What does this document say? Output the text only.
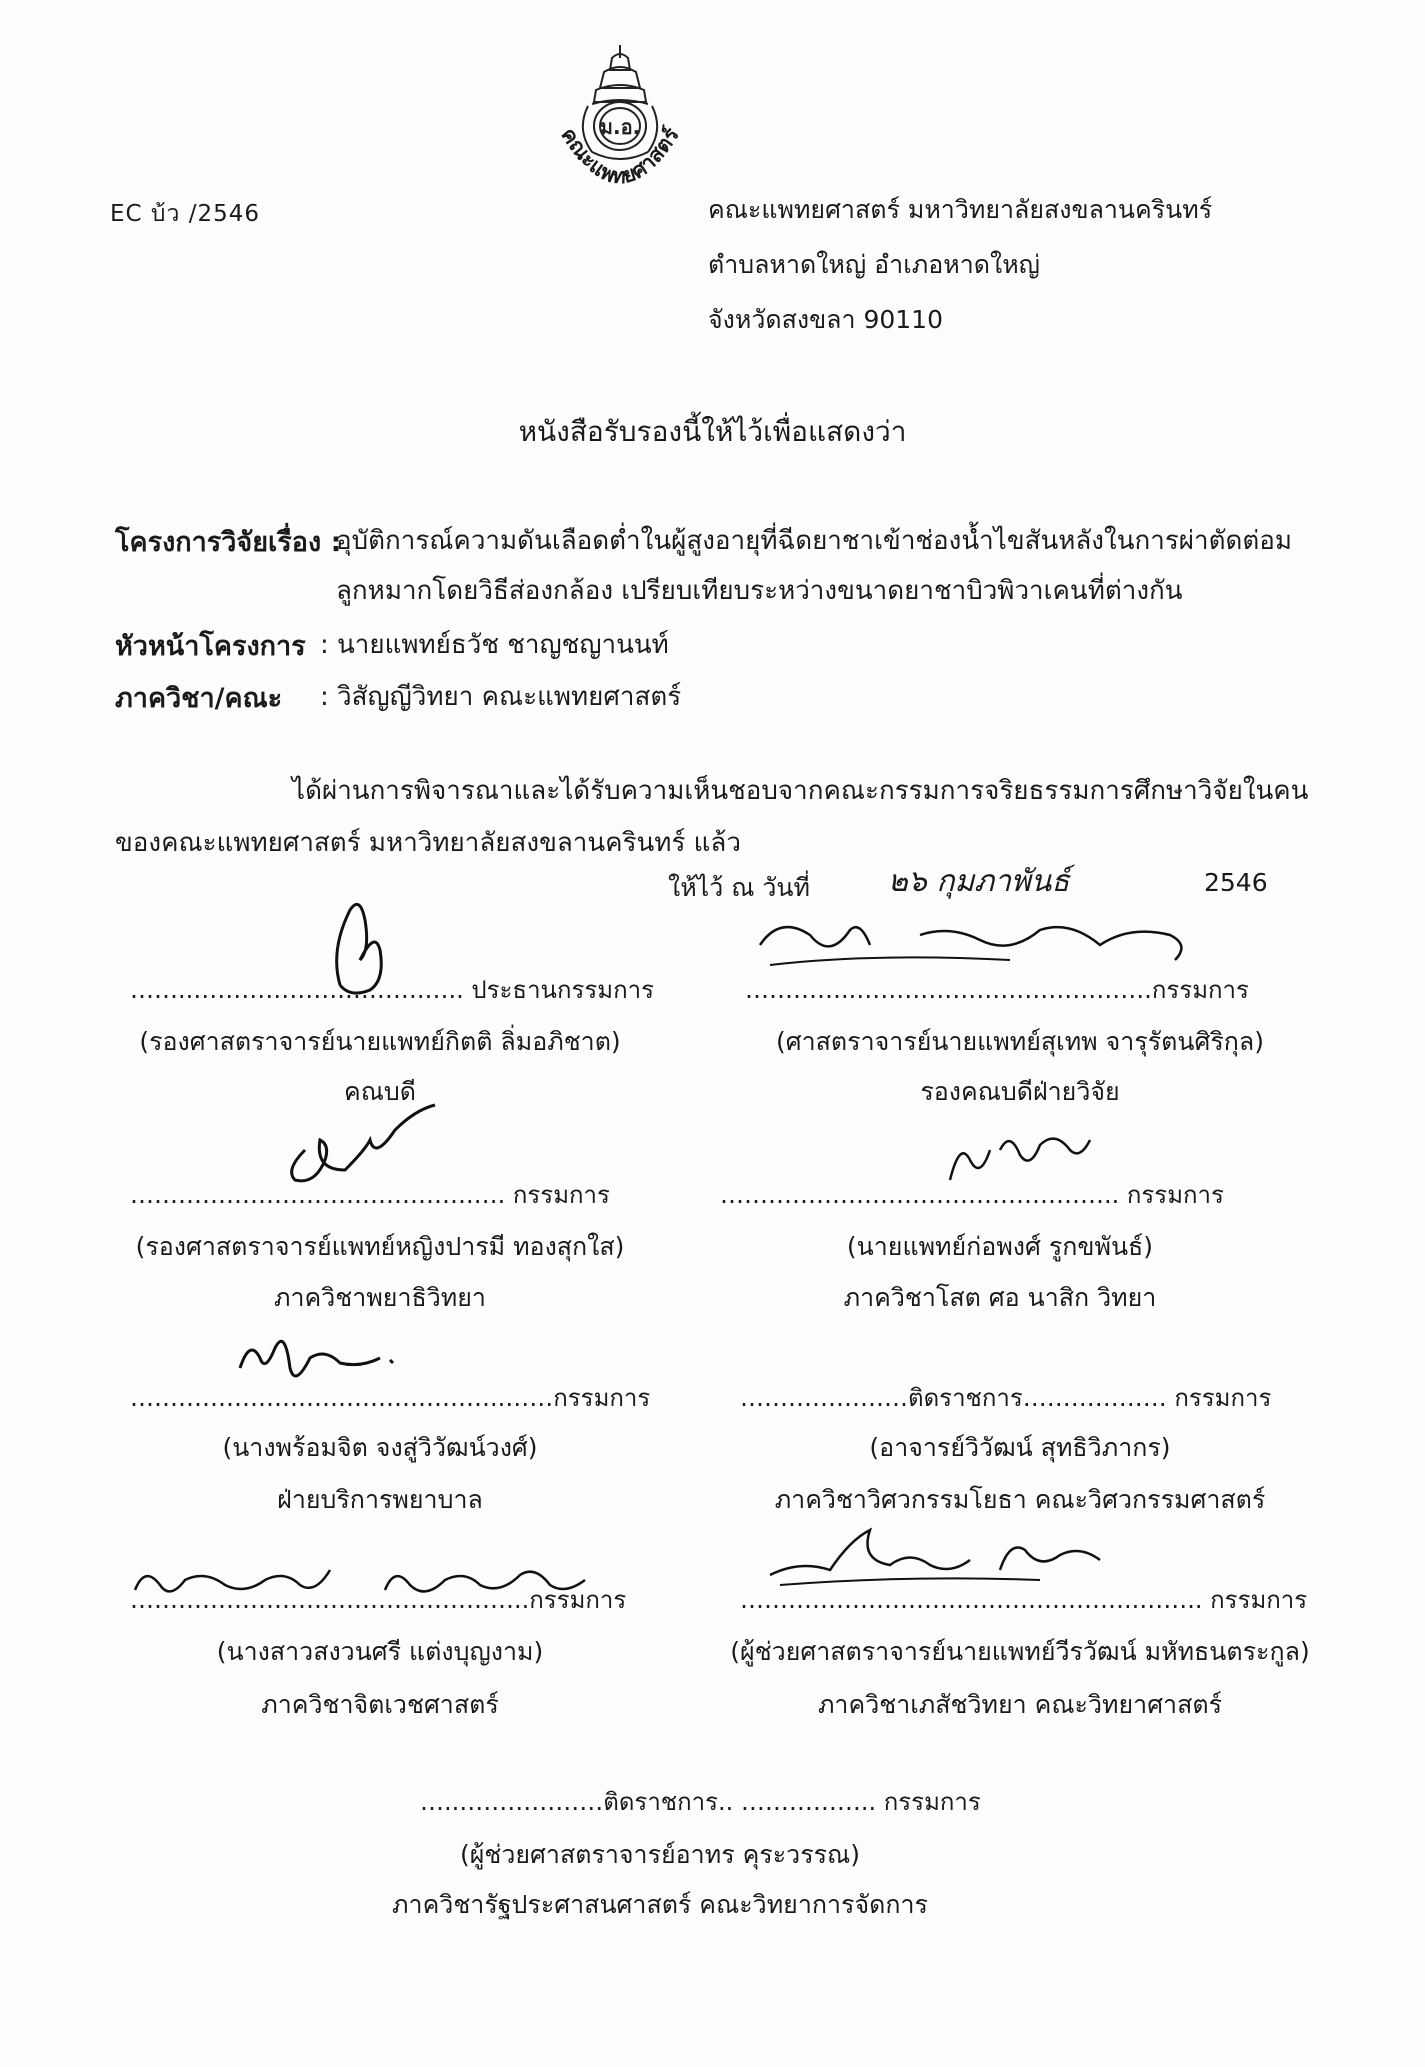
ม.อ.
คณะแพทยศาสตร์
EC บ้ว /2546	คณะแพทยศาสตร์ มหาวิทยาลัยสงขลานครินทร์
ตำบลหาดใหญ่ อำเภอหาดใหญ่
จังหวัดสงขลา 90110
หนังสือรับรองนี้ให้ไว้เพื่อแสดงว่า
โครงการวิจัยเรื่อง :
อุบัติการณ์ความดันเลือดต่ำในผู้สูงอายุที่ฉีดยาชาเข้าช่องน้ำไขสันหลังในการผ่าตัดต่อม
ลูกหมากโดยวิธีส่องกล้อง เปรียบเทียบระหว่างขนาดยาชาบิวพิวาเคนที่ต่างกัน
หัวหน้าโครงการ : นายแพทย์ธวัช ชาญชญานนท์
ภาควิชา/คณะ : วิสัญญีวิทยา คณะแพทยศาสตร์
ได้ผ่านการพิจารณาและได้รับความเห็นชอบจากคณะกรรมการจริยธรรมการศึกษาวิจัยในคน
ของคณะแพทยศาสตร์ มหาวิทยาลัยสงขลานครินทร์ แล้ว
ให้ไว้ ณ วันที่	๒๖ กุมภาพันธ์	2546
……..……………….……….….. ประธานกรรมการ
(รองศาสตราจารย์นายแพทย์กิตติ ลิ่มอภิชาต)
คณบดี
…………..……………………………….กรรมการ
(ศาสตราจารย์นายแพทย์สุเทพ จารุรัตนศิริกุล)
รองคณบดีฝ่ายวิจัย
…………………………………….…. กรรมการ
(รองศาสตราจารย์แพทย์หญิงปารมี ทองสุกใส)
ภาควิชาพยาธิวิทยา
………………………………………….. กรรมการ
(นายแพทย์ก่อพงศ์ รูกขพันธ์)
ภาควิชาโสต ศอ นาสิก วิทยา
………………………………………..……กรรมการ
(นางพร้อมจิต จงสู่วิวัฒน์วงศ์)
ฝ่ายบริการพยาบาล
…………………ติดราชการ……………… กรรมการ
(อาจารย์วิวัฒน์ สุทธิวิภากร)
ภาควิชาวิศวกรรมโยธา คณะวิศวกรรมศาสตร์
…………………………………………..กรรมการ
(นางสาวสงวนศรี แต่งบุญงาม)
ภาควิชาจิตเวชศาสตร์
…………………………………………..…….. กรรมการ
(ผู้ช่วยศาสตราจารย์นายแพทย์วีรวัฒน์ มหัทธนตระกูล)
ภาควิชาเภสัชวิทยา คณะวิทยาศาสตร์
…..………………ติดราชการ.. …………….. กรรมการ
(ผู้ช่วยศาสตราจารย์อาทร คุระวรรณ)
ภาควิชารัฐประศาสนศาสตร์ คณะวิทยาการจัดการ
